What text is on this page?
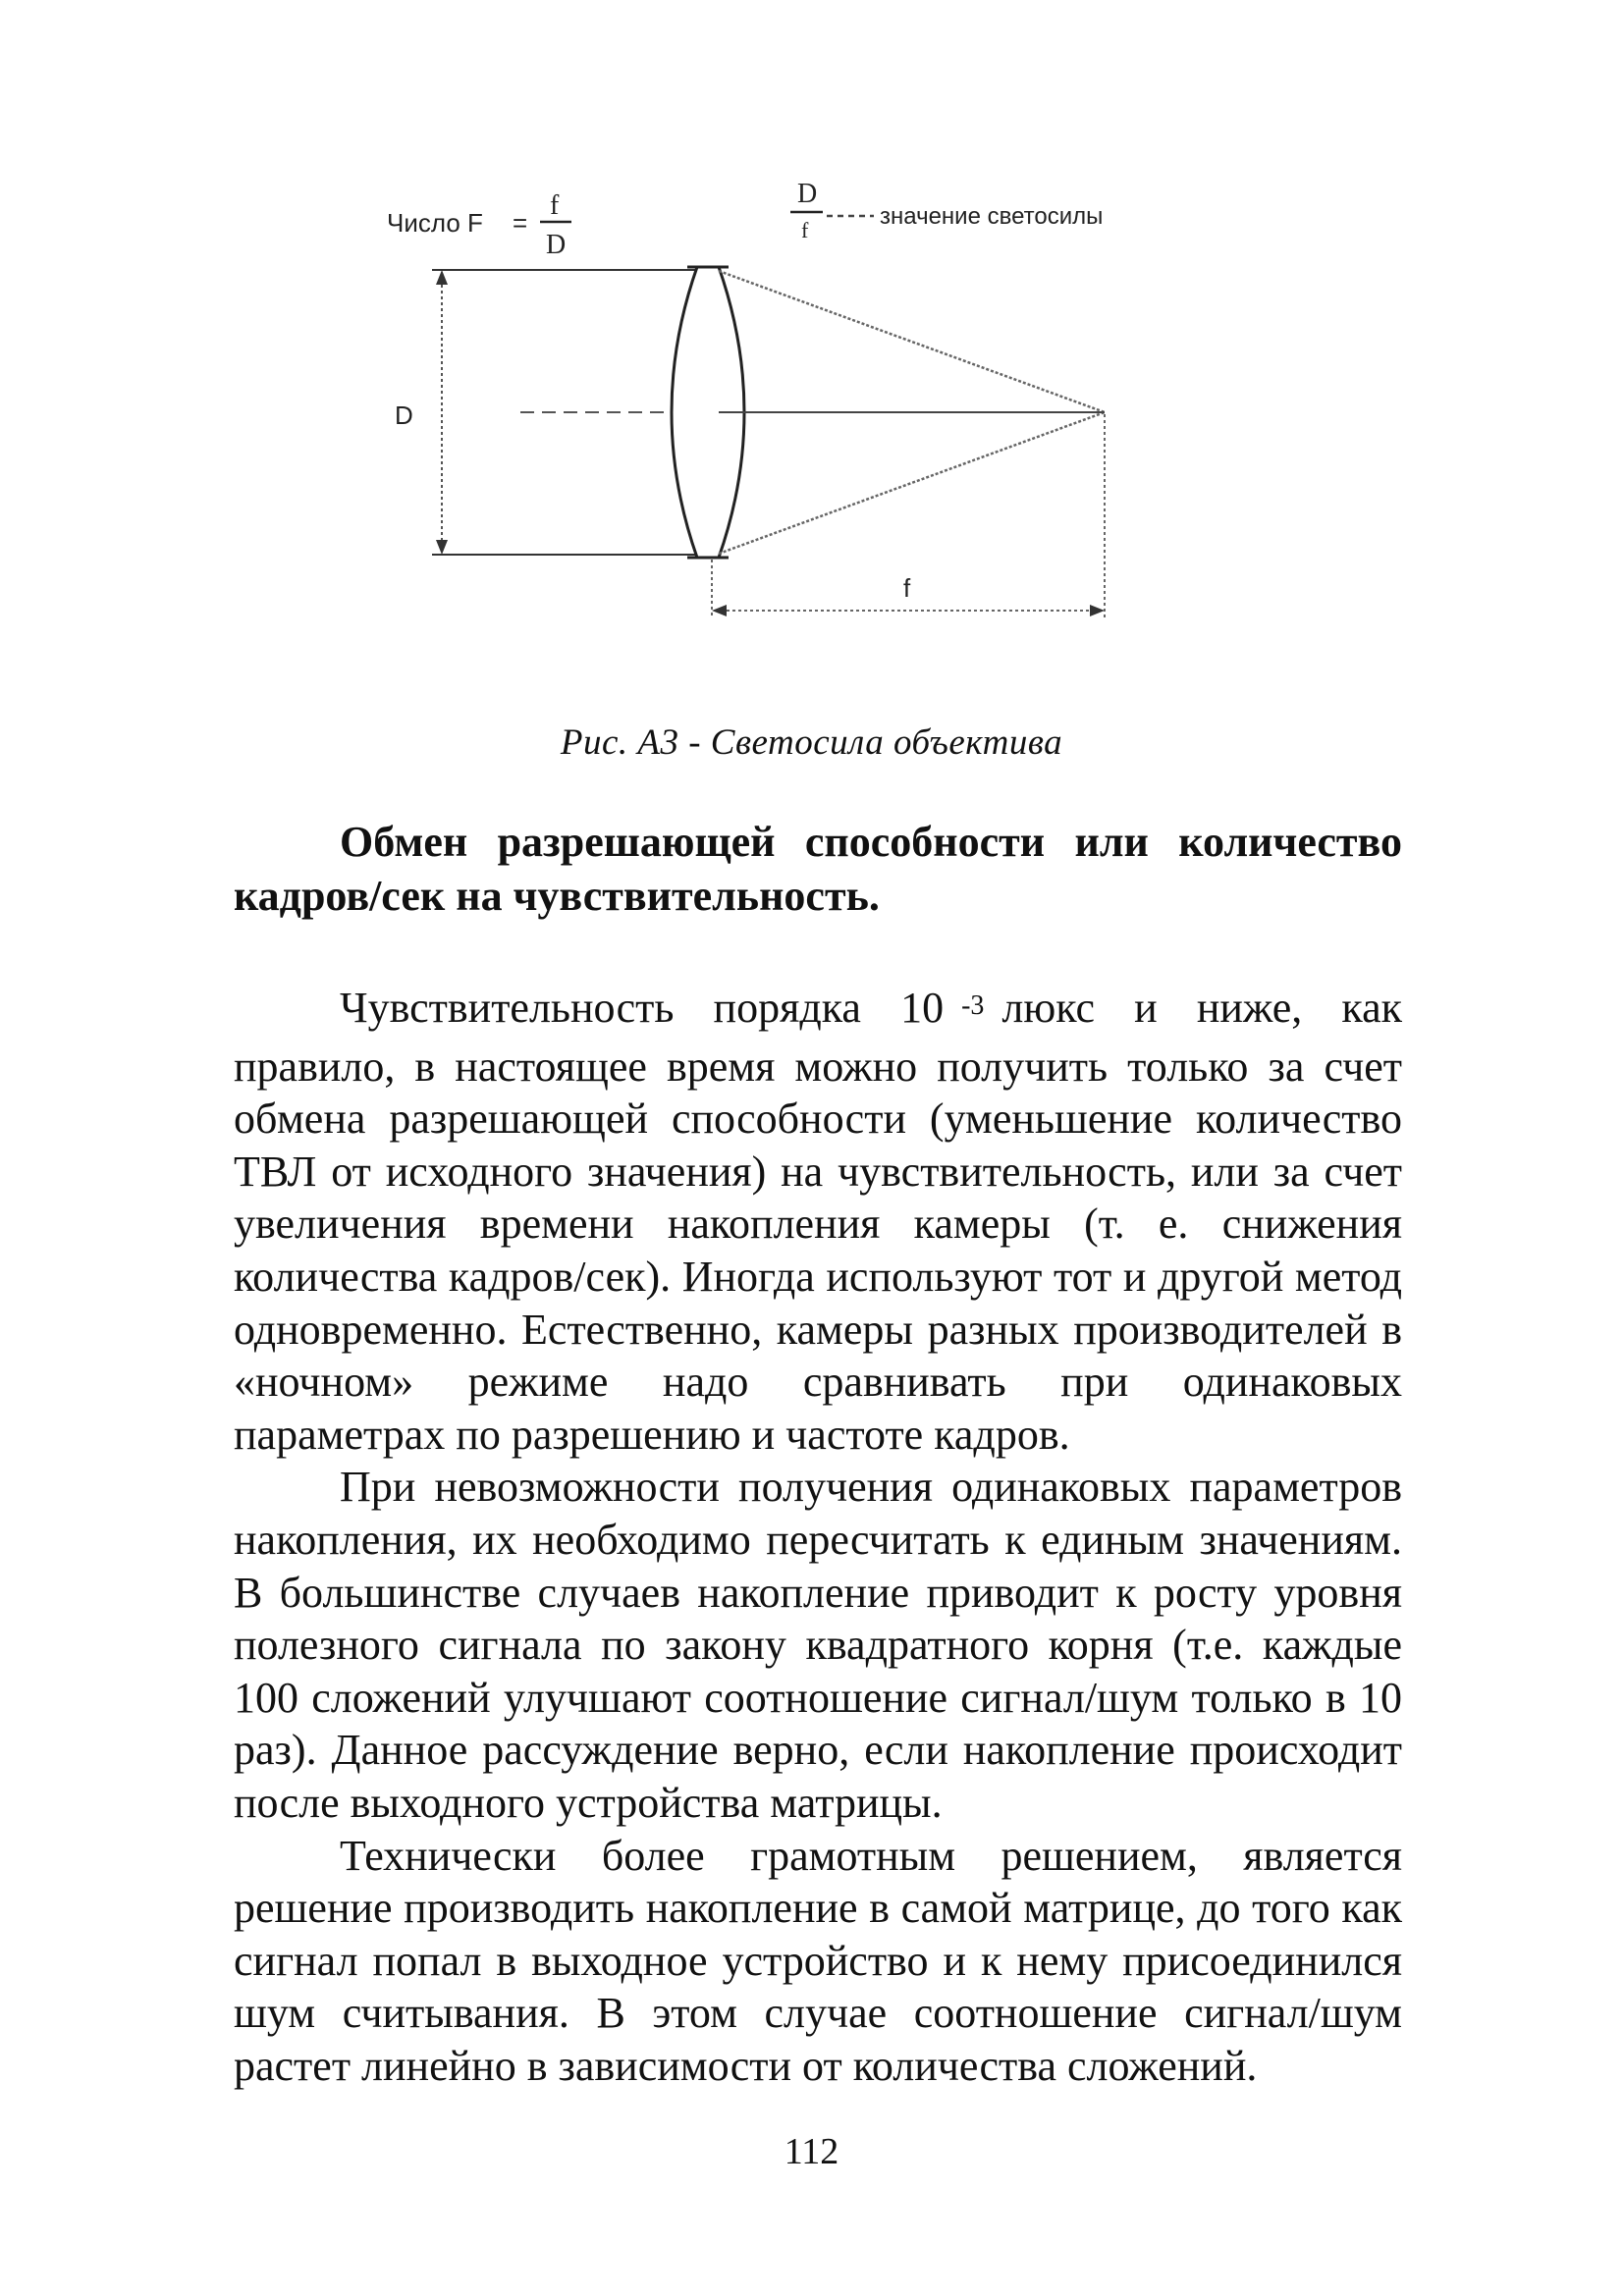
Число F =
f
D
D
f
значение светосилы
D
f
Рис. А3 - Светосила объектива
Обмен разрешающей способности или количество кадров/сек на чувствительность.

Чувствительность порядка 10 $^{-3}$ люкс и ниже, как правило, в настоящее время можно получить только за счет обмена разрешающей способности (уменьшение количество ТВЛ от исходного значения) на чувствительность, или за счет увеличения времени накопления камеры (т. е. снижения количества кадров/сек). Иногда используют тот и другой метод одновременно. Естественно, камеры разных производителей в «ночном» режиме надо сравнивать при одинаковых параметрах по разрешению и частоте кадров.

При невозможности получения одинаковых параметров накопления, их необходимо пересчитать к единым значениям. В большинстве случаев накопление приводит к росту уровня полезного сигнала по закону квадратного корня (т.е. каждые 100 сложений улучшают соотношение сигнал/шум только в 10 раз). Данное рассуждение верно, если накопление происходит после выходного устройства матрицы.

Технически более грамотным решением, является решение производить накопление в самой матрице, до того как сигнал попал в выходное устройство и к нему присоединился шум считывания. В этом случае соотношение сигнал/шум растет линейно в зависимости от количества сложений.

112
